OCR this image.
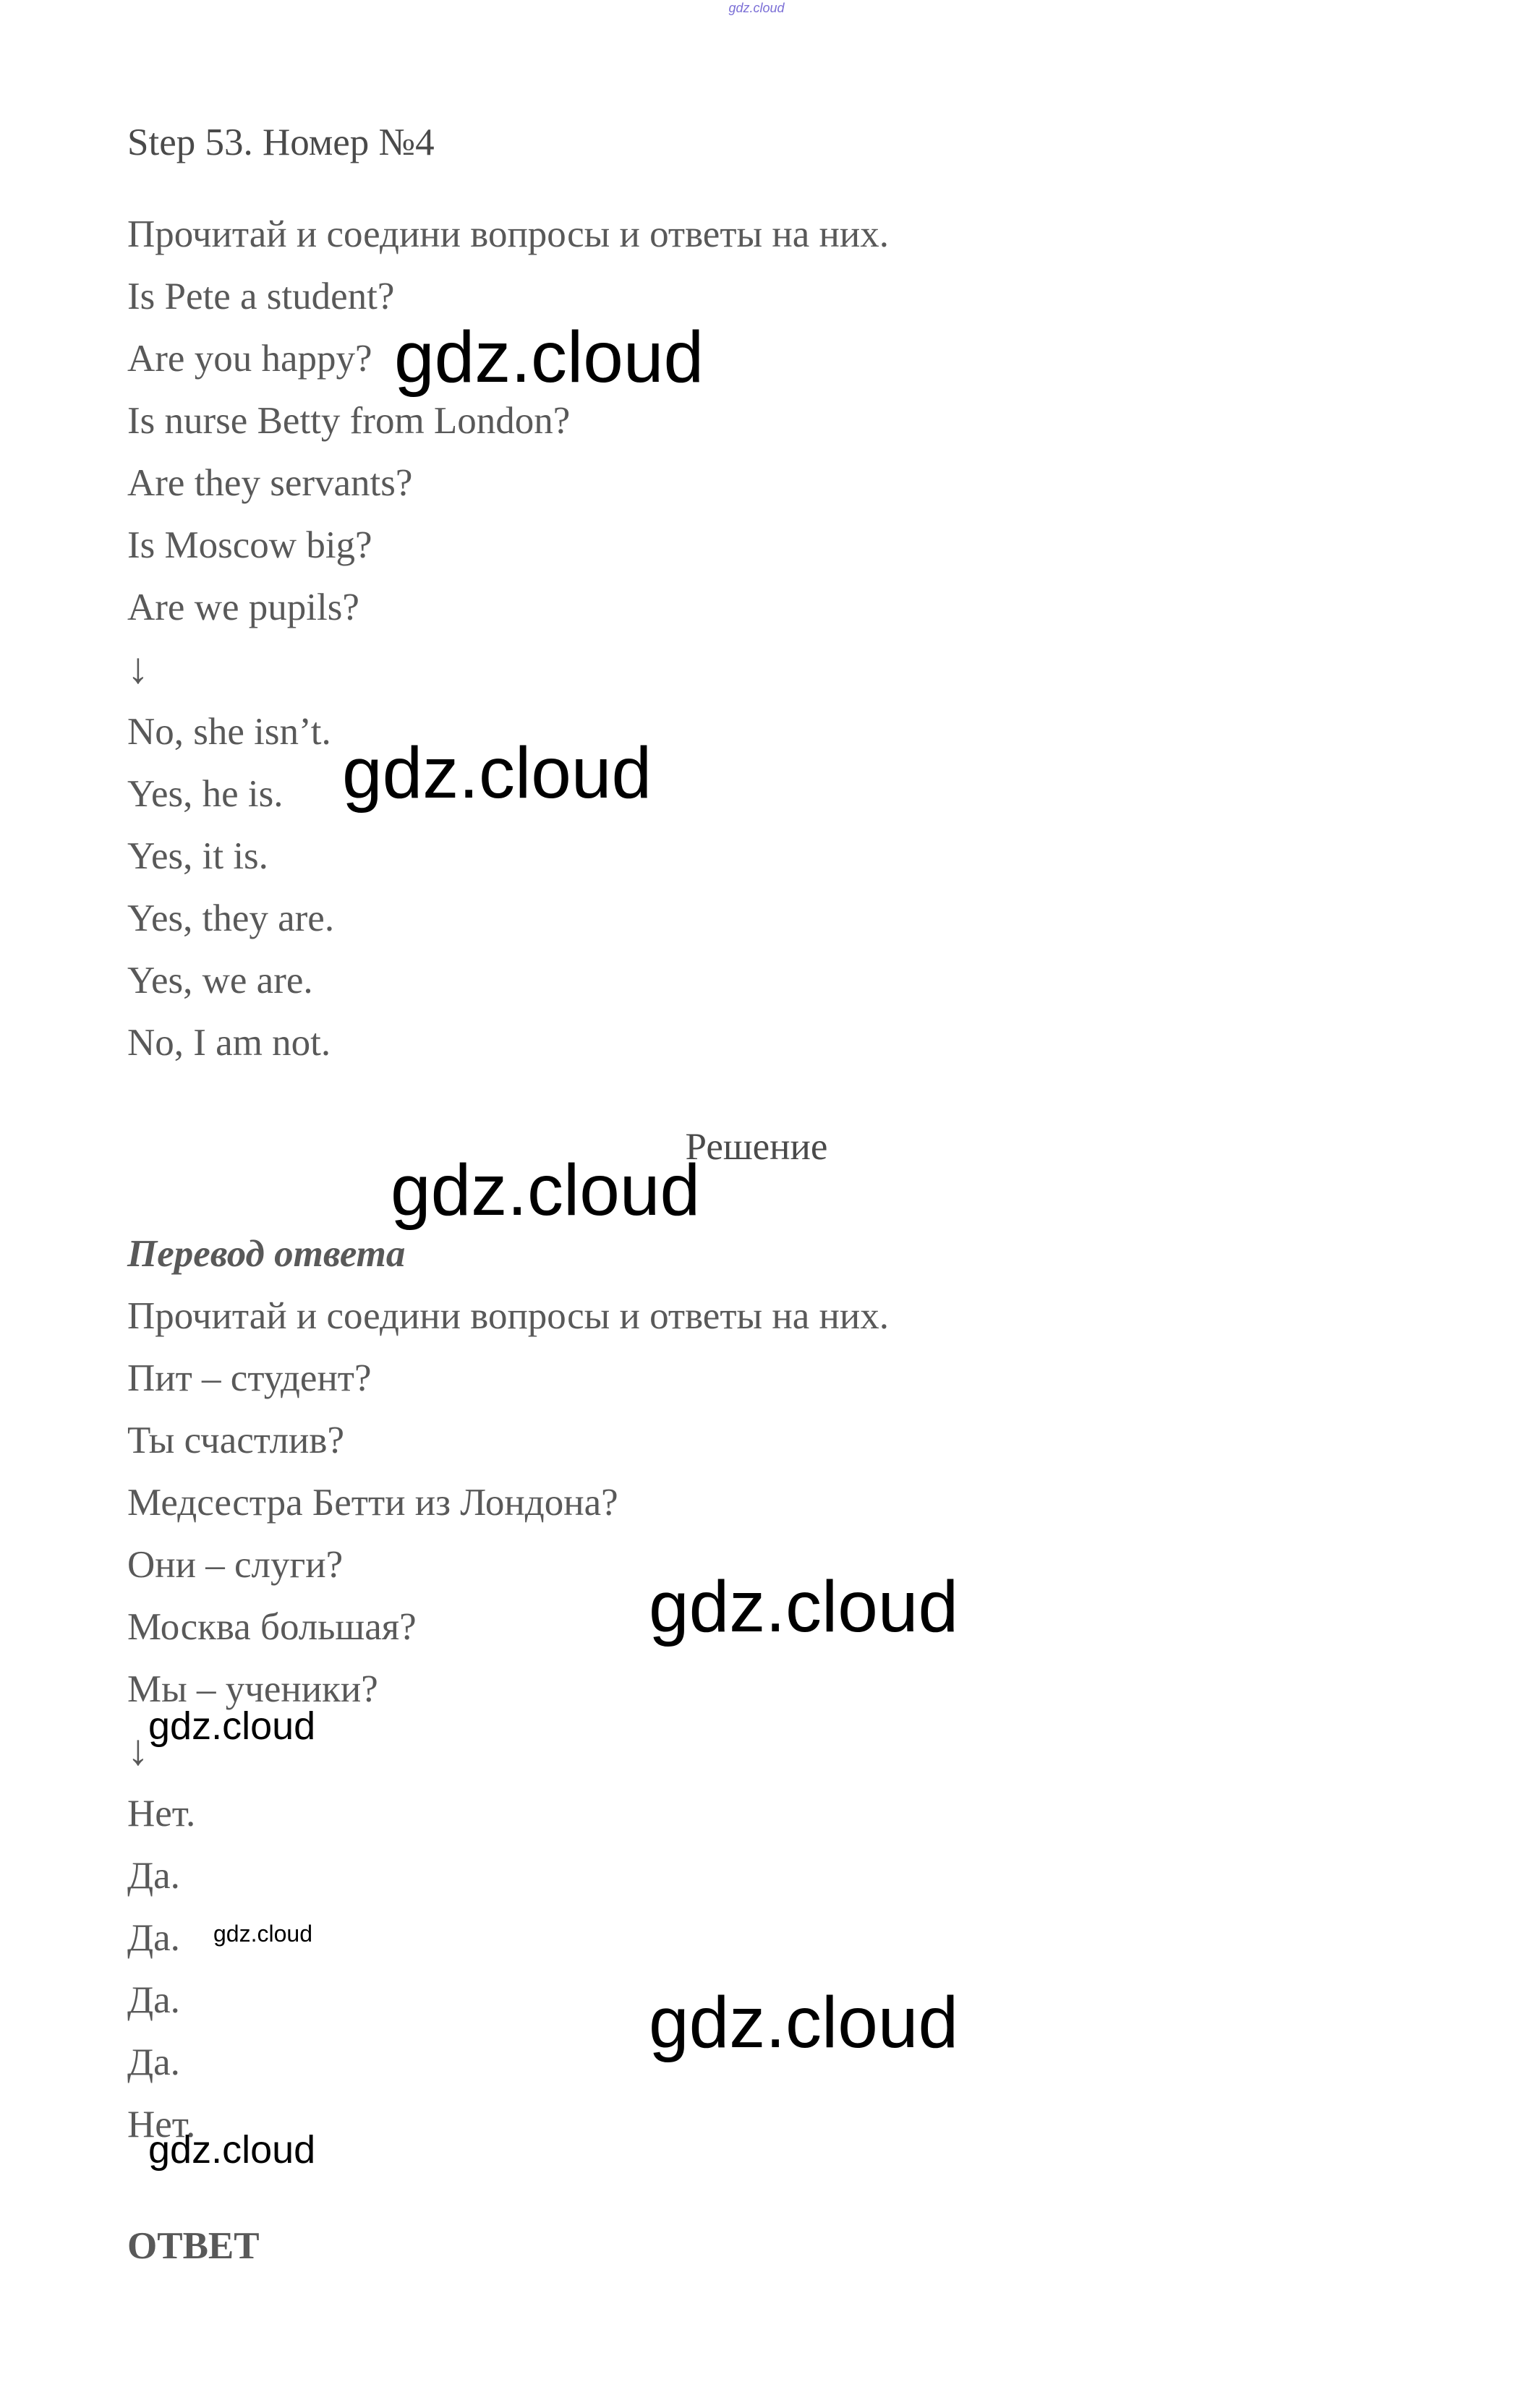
gdz.cloud
Step 53. Номер №4
Прочитай и соедини вопросы и ответы на них.
Is Pete a student?
Are you happy?
Is nurse Betty from London?
Are they servants?
Is Moscow big?
Are we pupils?
↓
No, she isn’t.
Yes, he is.
Yes, it is.
Yes, they are.
Yes, we are.
No, I am not.
Решение
Перевод ответа
Прочитай и соедини вопросы и ответы на них.
Пит – студент?
Ты счастлив?
Медсестра Бетти из Лондона?
Они – слуги?
Москва большая?
Мы – ученики?
↓
Нет.
Да.
Да.
Да.
Да.
Нет.
ОТВЕТ
gdz.cloud
gdz.cloud
gdz.cloud
gdz.cloud
gdz.cloud
gdz.cloud
gdz.cloud
gdz.cloud
